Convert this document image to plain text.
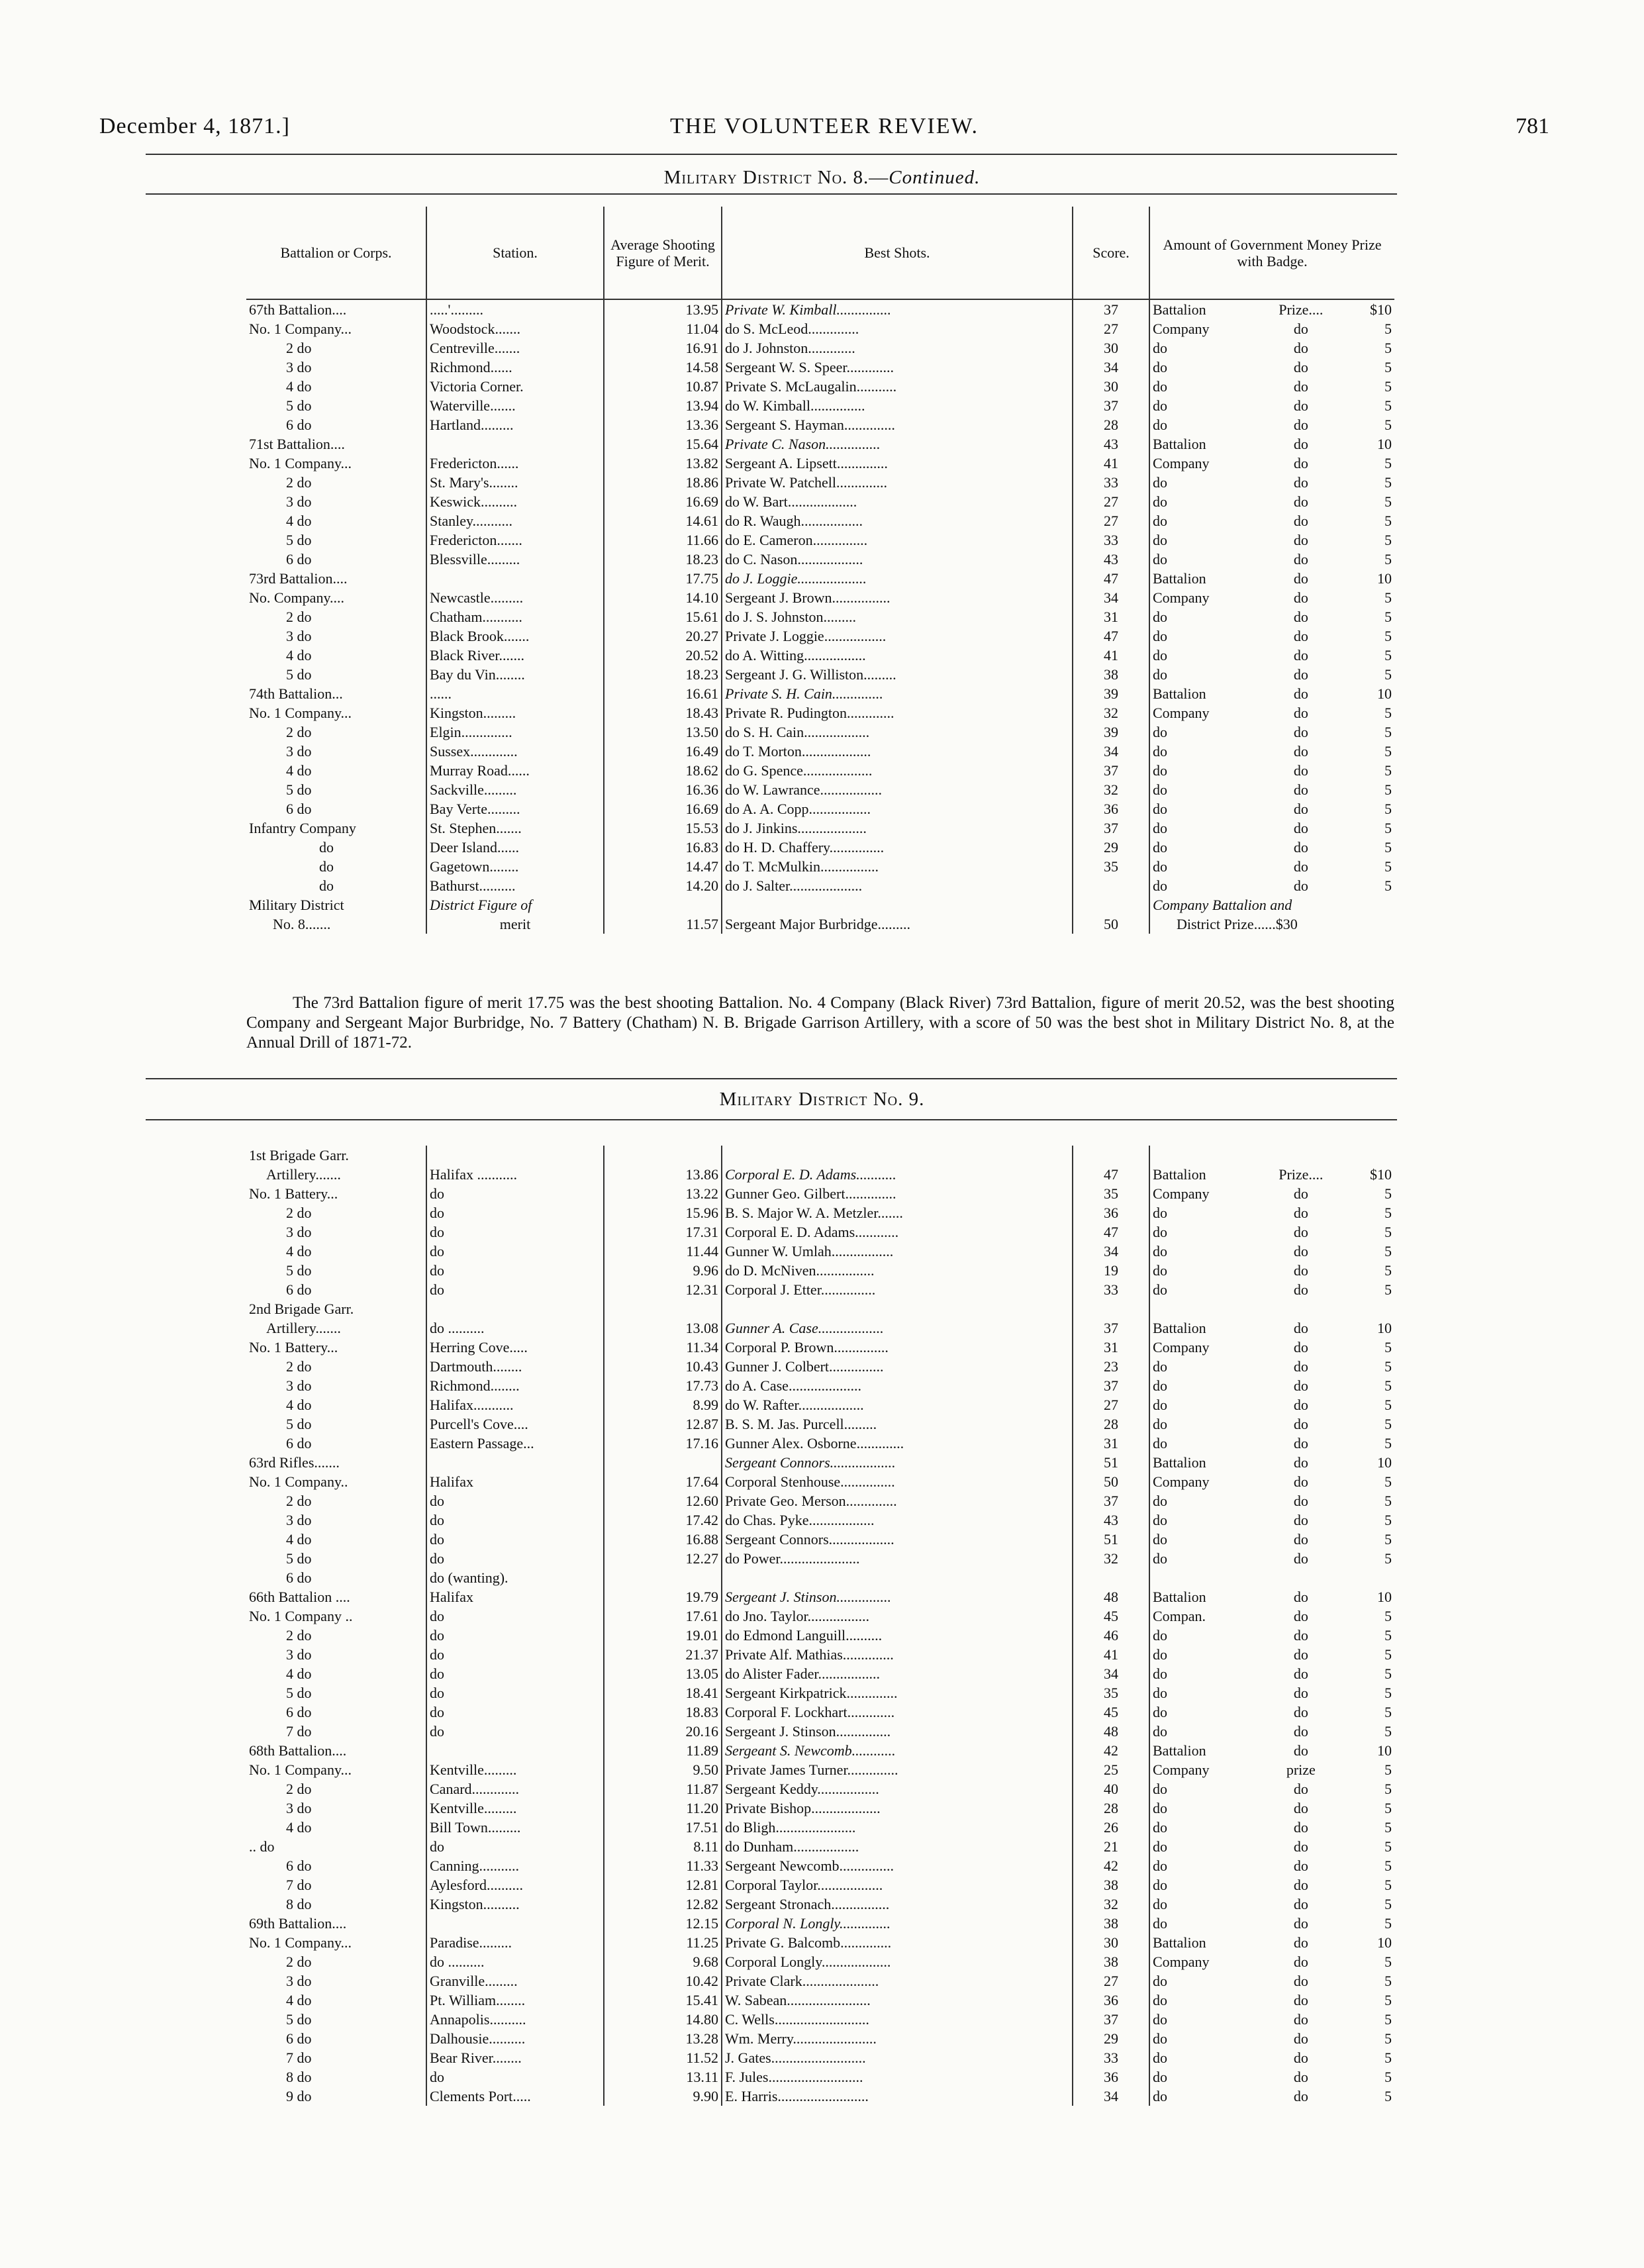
December 4, 1871.]	THE VOLUNTEER REVIEW.	781
Military District No. 8.—Continued.
Battalion or Corps.	Station.	Average Shooting Figure of Merit.	Best Shots.	Score.	Amount of Government Money Prize with Badge.
67th Battalion....	.....'.........	13.95	Private W. Kimball...............	37	Battalion Prize.... $10

No. 1 Company...	Woodstock.......	11.04	do S. McLeod..............	27	Company do 5

2 do	Centreville.......	16.91	do J. Johnston.............	30	do do 5

3 do	Richmond......	14.58	Sergeant W. S. Speer.............	34	do do 5

4 do	Victoria Corner.	10.87	Private S. McLaugalin...........	30	do do 5

5 do	Waterville.......	13.94	do W. Kimball...............	37	do do 5

6 do	Hartland.........	13.36	Sergeant S. Hayman..............	28	do do 5

71st Battalion....		15.64	Private C. Nason...............	43	Battalion do 10

No. 1 Company...	Fredericton......	13.82	Sergeant A. Lipsett..............	41	Company do 5

2 do	St. Mary's........	18.86	Private W. Patchell..............	33	do do 5

3 do	Keswick..........	16.69	do W. Bart...................	27	do do 5

4 do	Stanley...........	14.61	do R. Waugh.................	27	do do 5

5 do	Fredericton.......	11.66	do E. Cameron...............	33	do do 5

6 do	Blessville.........	18.23	do C. Nason..................	43	do do 5

73rd Battalion....		17.75	do J. Loggie...................	47	Battalion do 10

No. Company....	Newcastle.........	14.10	Sergeant J. Brown................	34	Company do 5

2 do	Chatham...........	15.61	do J. S. Johnston.........	31	do do 5

3 do	Black Brook.......	20.27	Private J. Loggie.................	47	do do 5

4 do	Black River.......	20.52	do A. Witting.................	41	do do 5

5 do	Bay du Vin........	18.23	Sergeant J. G. Williston.........	38	do do 5

74th Battalion...	......	16.61	Private S. H. Cain..............	39	Battalion do 10

No. 1 Company...	Kingston.........	18.43	Private R. Pudington.............	32	Company do 5

2 do	Elgin..............	13.50	do S. H. Cain..................	39	do do 5

3 do	Sussex.............	16.49	do T. Morton...................	34	do do 5

4 do	Murray Road......	18.62	do G. Spence...................	37	do do 5

5 do	Sackville.........	16.36	do W. Lawrance.................	32	do do 5

6 do	Bay Verte.........	16.69	do A. A. Copp.................	36	do do 5

Infantry Company	St. Stephen.......	15.53	do J. Jinkins...................	37	do do 5

do	Deer Island......	16.83	do H. D. Chaffery...............	29	do do 5

do	Gagetown........	14.47	do T. McMulkin................	35	do do 5

do	Bathurst..........	14.20	do J. Salter....................		do do 5

Military District	District Figure of				Company Battalion and
No. 8.......	merit	11.57	Sergeant Major Burbridge.........	50	District Prize......$30
The 73rd Battalion figure of merit 17.75 was the best shooting Battalion. No. 4 Company (Black River) 73rd Battalion, figure of merit 20.52, was the best shooting Company and Sergeant Major Burbridge, No. 7 Battery (Chatham) N. B. Brigade Garrison Artillery, with a score of 50 was the best shot in Military District No. 8, at the Annual Drill of 1871-72.
Military District No. 9.
1st Brigade Garr.					

Artillery.......	Halifax ...........	13.86	Corporal E. D. Adams...........	47	Battalion Prize.... $10

No. 1 Battery...	do	13.22	Gunner Geo. Gilbert..............	35	Company do 5

2 do	do	15.96	B. S. Major W. A. Metzler.......	36	do do 5

3 do	do	17.31	Corporal E. D. Adams............	47	do do 5

4 do	do	11.44	Gunner W. Umlah.................	34	do do 5

5 do	do	9.96	do D. McNiven................	19	do do 5

6 do	do	12.31	Corporal J. Etter...............	33	do do 5

2nd Brigade Garr.					

Artillery.......	do ..........	13.08	Gunner A. Case..................	37	Battalion do 10

No. 1 Battery...	Herring Cove.....	11.34	Corporal P. Brown...............	31	Company do 5

2 do	Dartmouth........	10.43	Gunner J. Colbert...............	23	do do 5

3 do	Richmond........	17.73	do A. Case....................	37	do do 5

4 do	Halifax...........	8.99	do W. Rafter..................	27	do do 5

5 do	Purcell's Cove....	12.87	B. S. M. Jas. Purcell.........	28	do do 5

6 do	Eastern Passage...	17.16	Gunner Alex. Osborne.............	31	do do 5

63rd Rifles.......			Sergeant Connors..................	51	Battalion do 10

No. 1 Company..	Halifax	17.64	Corporal Stenhouse...............	50	Company do 5

2 do	do	12.60	Private Geo. Merson..............	37	do do 5

3 do	do	17.42	do Chas. Pyke..................	43	do do 5

4 do	do	16.88	Sergeant Connors..................	51	do do 5

5 do	do	12.27	do Power......................	32	do do 5

6 do	do (wanting).				

66th Battalion ....	Halifax	19.79	Sergeant J. Stinson...............	48	Battalion do 10

No. 1 Company ..	do	17.61	do Jno. Taylor.................	45	Compan. do 5

2 do	do	19.01	do Edmond Languill..........	46	do do 5

3 do	do	21.37	Private Alf. Mathias..............	41	do do 5

4 do	do	13.05	do Alister Fader.................	34	do do 5

5 do	do	18.41	Sergeant Kirkpatrick..............	35	do do 5

6 do	do	18.83	Corporal F. Lockhart.............	45	do do 5

7 do	do	20.16	Sergeant J. Stinson...............	48	do do 5

68th Battalion....		11.89	Sergeant S. Newcomb............	42	Battalion do 10

No. 1 Company...	Kentville.........	9.50	Private James Turner..............	25	Company prize 5

2 do	Canard.............	11.87	Sergeant Keddy.................	40	do do 5

3 do	Kentville.........	11.20	Private Bishop...................	28	do do 5

4 do	Bill Town.........	17.51	do Bligh......................	26	do do 5

.. do	do	8.11	do Dunham..................	21	do do 5

6 do	Canning...........	11.33	Sergeant Newcomb...............	42	do do 5

7 do	Aylesford..........	12.81	Corporal Taylor..................	38	do do 5

8 do	Kingston..........	12.82	Sergeant Stronach................	32	do do 5

69th Battalion....		12.15	Corporal N. Longly..............	38	do do 5

No. 1 Company...	Paradise.........	11.25	Private G. Balcomb..............	30	Battalion do 10

2 do	do ..........	9.68	Corporal Longly...................	38	Company do 5

3 do	Granville.........	10.42	Private Clark.....................	27	do do 5

4 do	Pt. William........	15.41	W. Sabean.......................	36	do do 5

5 do	Annapolis..........	14.80	C. Wells..........................	37	do do 5

6 do	Dalhousie..........	13.28	Wm. Merry.......................	29	do do 5

7 do	Bear River........	11.52	J. Gates..........................	33	do do 5

8 do	do	13.11	F. Jules..........................	36	do do 5

9 do	Clements Port.....	9.90	E. Harris.........................	34	do do 5
